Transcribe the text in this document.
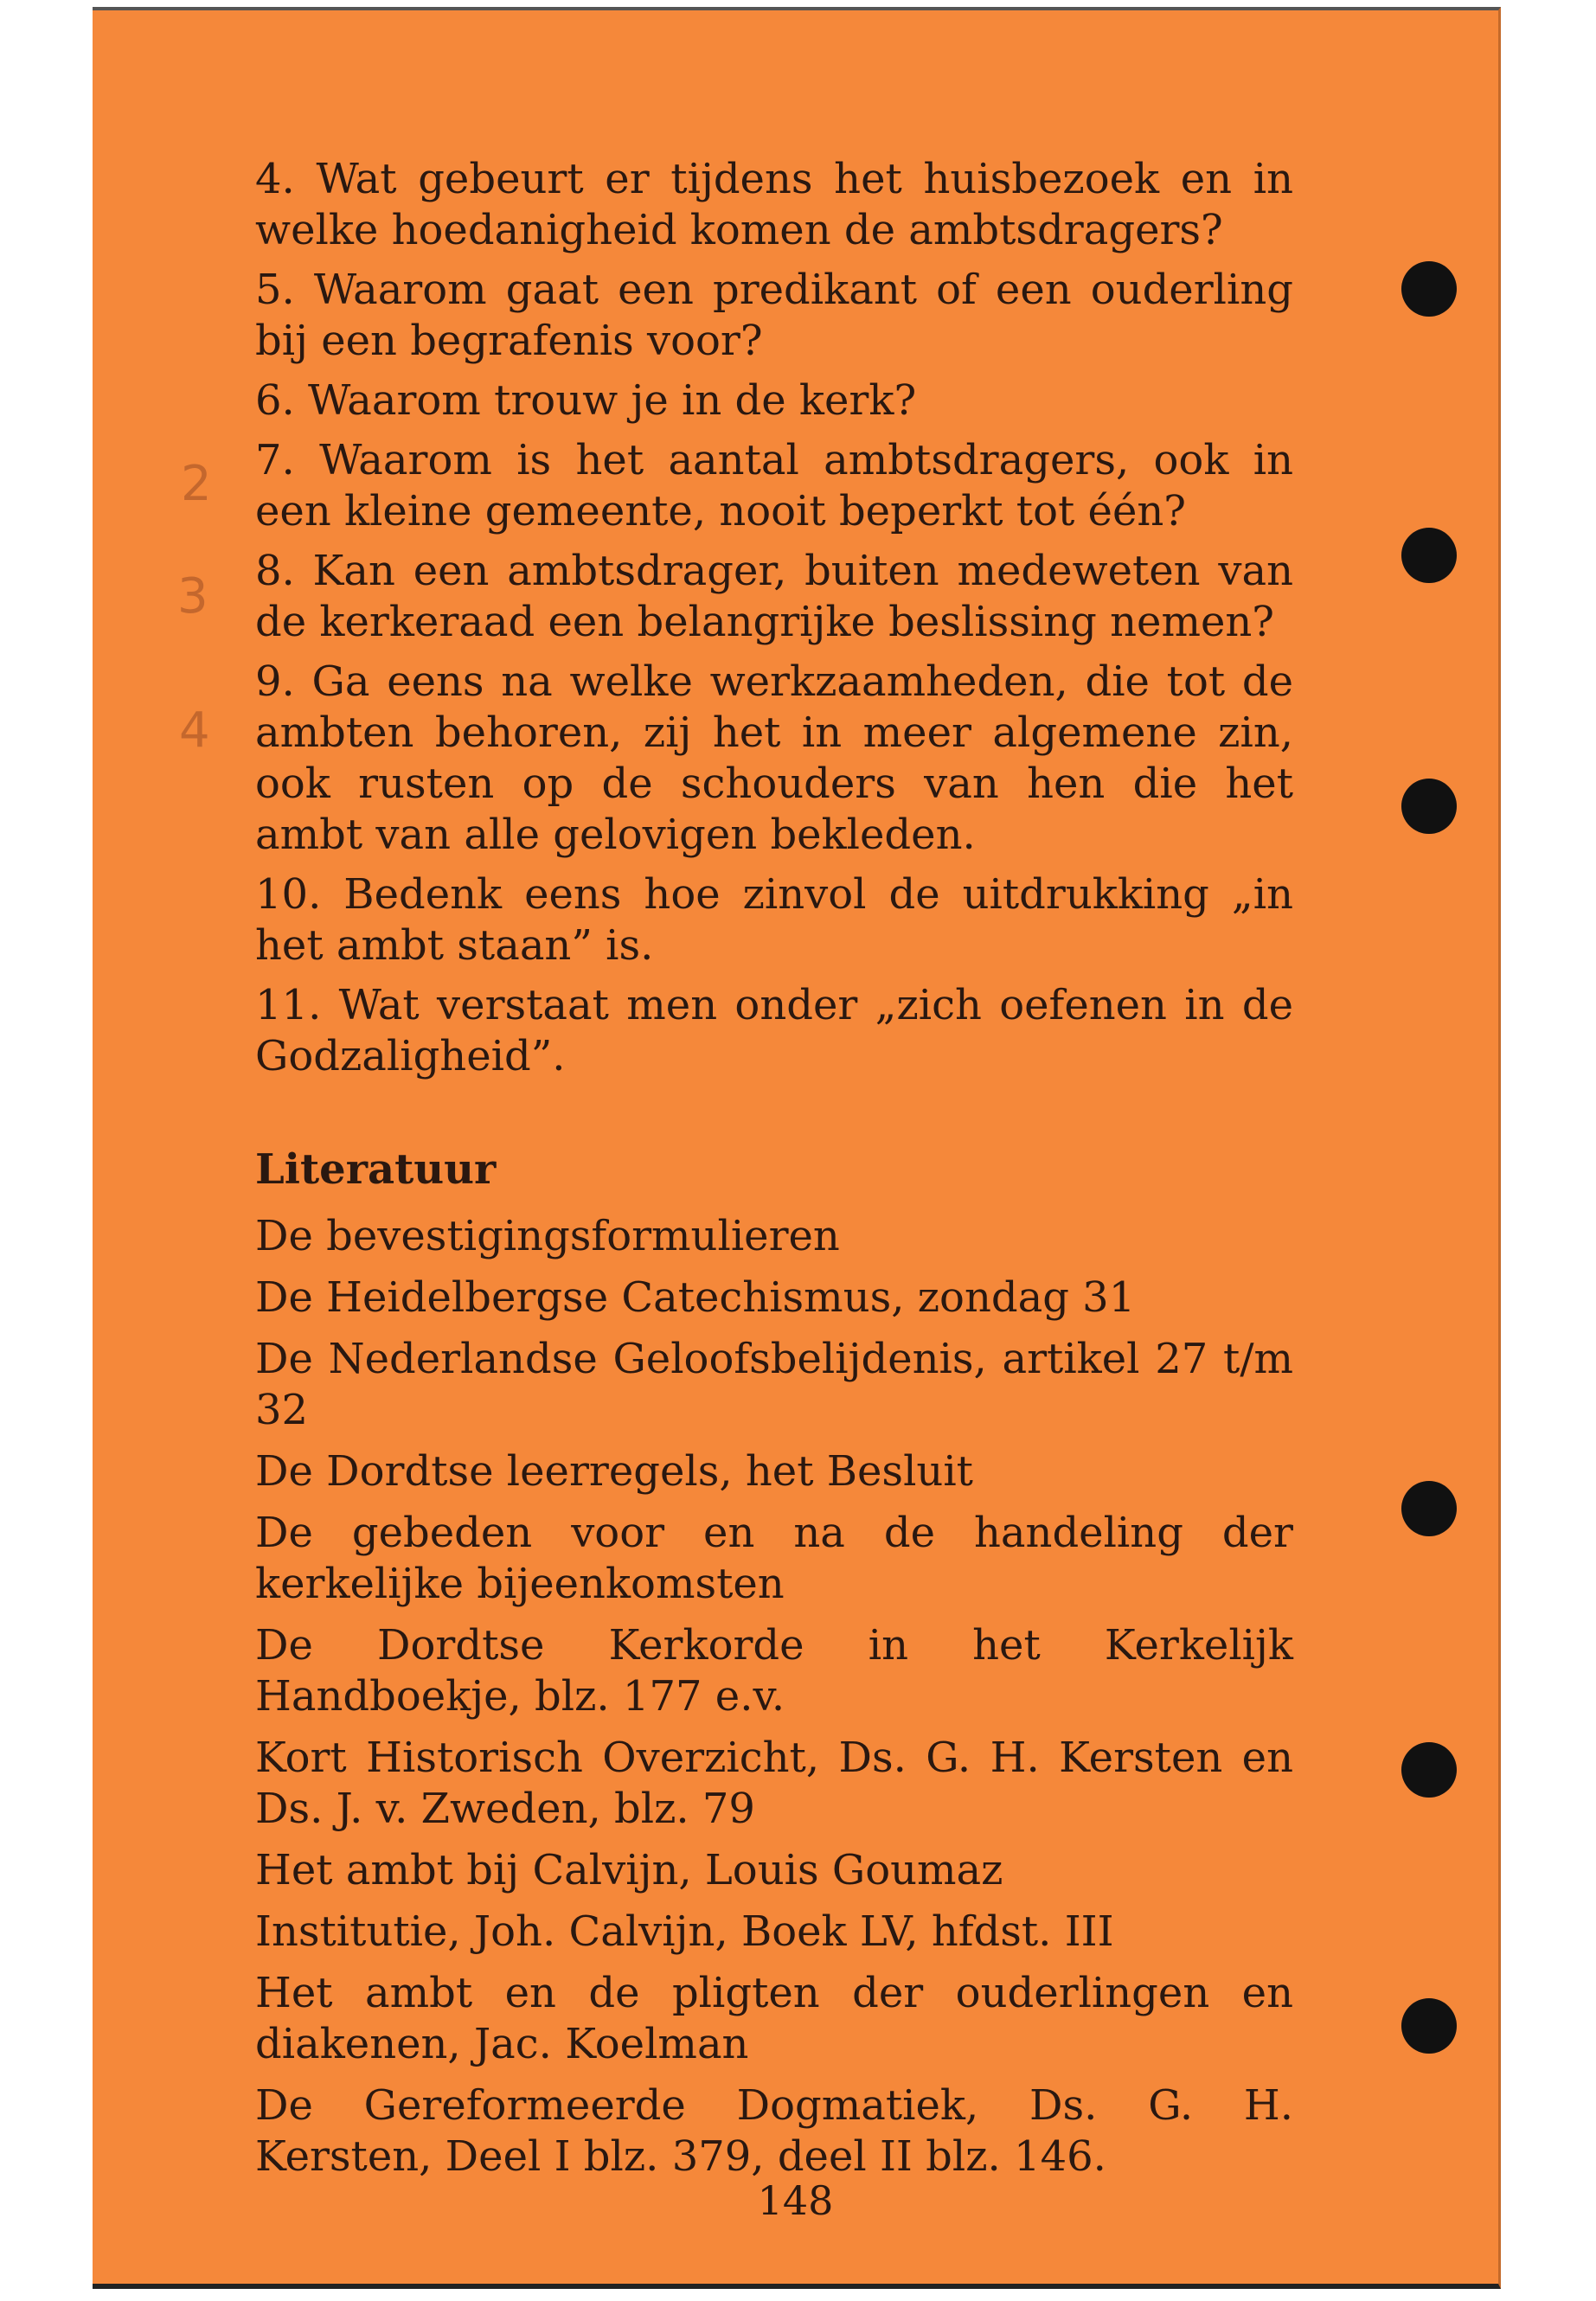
2
3
4

4. Wat gebeurt er tijdens het huisbezoek en in welke hoedanigheid komen de ambtsdragers?

5. Waarom gaat een predikant of een ouderling bij een begrafenis voor?

6. Waarom trouw je in de kerk?

7. Waarom is het aantal ambtsdragers, ook in een kleine gemeente, nooit beperkt tot één?

8. Kan een ambtsdrager, buiten medeweten van de kerkeraad een belangrijke beslissing nemen?

9. Ga eens na welke werkzaamheden, die tot de ambten behoren, zij het in meer algemene zin, ook rusten op de schouders van hen die het ambt van alle gelovigen bekleden.

10. Bedenk eens hoe zinvol de uitdrukking „in het ambt staan” is.

11. Wat verstaat men onder „zich oefenen in de Godzaligheid”.

Literatuur
De bevestigingsformulieren
De Heidelbergse Catechismus, zondag 31
De Nederlandse Geloofsbelijdenis, artikel 27 t/m 32
De Dordtse leerregels, het Besluit
De gebeden voor en na de handeling der kerkelijke bijeenkomsten
De Dordtse Kerkorde in het Kerkelijk Handboekje, blz. 177 e.v.
Kort Historisch Overzicht, Ds. G. H. Kersten en Ds. J. v. Zweden, blz. 79
Het ambt bij Calvijn, Louis Goumaz
Institutie, Joh. Calvijn, Boek LV, hfdst. III
Het ambt en de pligten der ouderlingen en diakenen, Jac. Koelman
De Gereformeerde Dogmatiek, Ds. G. H. Kersten, Deel I blz. 379, deel II blz. 146.
148
